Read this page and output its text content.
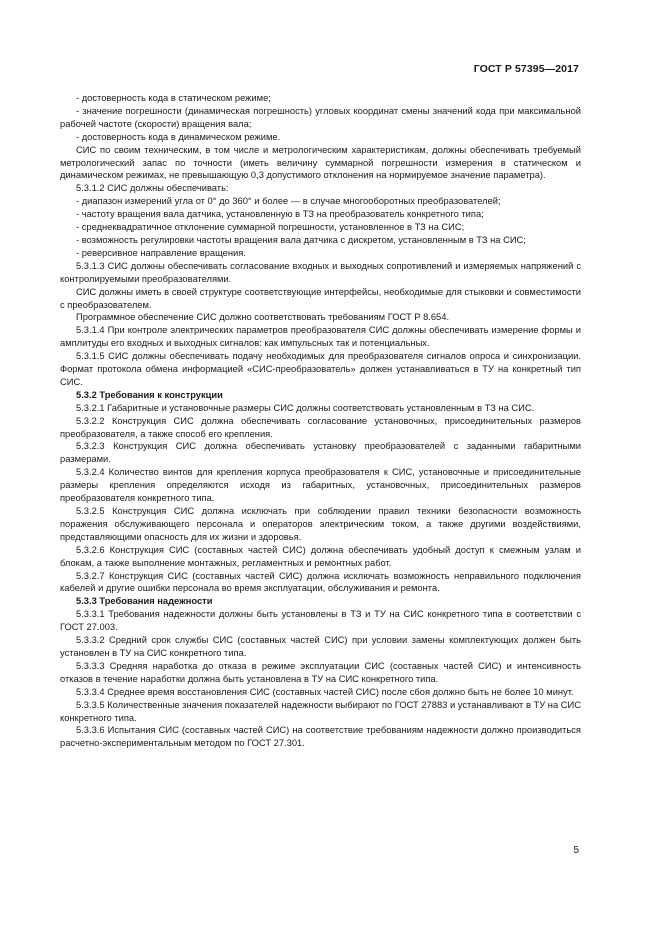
ГОСТ Р 57395—2017

- достоверность кода в статическом режиме;

- значение погрешности (динамическая погрешность) угловых координат смены значений кода при максимальной рабочей частоте (скорости) вращения вала;

- достоверность кода в динамическом режиме.

СИС по своим техническим, в том числе и метрологическим характеристикам, должны обеспечивать требуемый метрологический запас по точности (иметь величину суммарной погрешности измерения в статическом и динамическом режимах, не превышающую 0,3 допустимого отклонения на нормируемое значение параметра).

5.3.1.2 СИС должны обеспечивать:

- диапазон измерений угла от 0° до 360° и более — в случае многооборотных преобразователей;

- частоту вращения вала датчика, установленную в ТЗ на преобразователь конкретного типа;

- среднеквадратичное отклонение суммарной погрешности, установленное в ТЗ на СИС;

- возможность регулировки частоты вращения вала датчика с дискретом, установленным в ТЗ на СИС;

- реверсивное направление вращения.

5.3.1.3 СИС должны обеспечивать согласование входных и выходных сопротивлений и измеряемых напряжений с контролируемыми преобразователями.

СИС должны иметь в своей структуре соответствующие интерфейсы, необходимые для стыковки и совместимости с преобразователем.

Программное обеспечение СИС должно соответствовать требованиям ГОСТ Р 8.654.

5.3.1.4 При контроле электрических параметров преобразователя СИС должны обеспечивать измерение формы и амплитуды его входных и выходных сигналов: как импульсных так и потенциальных.

5.3.1.5 СИС должны обеспечивать подачу необходимых для преобразователя сигналов опроса и синхронизации. Формат протокола обмена информацией «СИС-преобразователь» должен устанавливаться в ТУ на конкретный тип СИС.

5.3.2 Требования к конструкции

5.3.2.1 Габаритные и установочные размеры СИС должны соответствовать установленным в ТЗ на СИС.

5.3.2.2 Конструкция СИС должна обеспечивать согласование установочных, присоединительных размеров преобразователя, а также способ его крепления.

5.3.2.3 Конструкция СИС должна обеспечивать установку преобразователей с заданными габаритными размерами.

5.3.2.4 Количество винтов для крепления корпуса преобразователя к СИС, установочные и присоединительные размеры крепления определяются исходя из габаритных, установочных, присоединительных размеров преобразователя конкретного типа.

5.3.2.5 Конструкция СИС должна исключать при соблюдении правил техники безопасности возможность поражения обслуживающего персонала и операторов электрическим током, а также другими воздействиями, представляющими опасность для их жизни и здоровья.

5.3.2.6 Конструкция СИС (составных частей СИС) должна обеспечивать удобный доступ к смежным узлам и блокам, а также выполнение монтажных, регламентных и ремонтных работ.

5.3.2.7 Конструкция СИС (составных частей СИС) должна исключать возможность неправильного подключения кабелей и другие ошибки персонала во время эксплуатации, обслуживания и ремонта.

5.3.3 Требования надежности

5.3.3.1 Требования надежности должны быть установлены в ТЗ и ТУ на СИС конкретного типа в соответствии с ГОСТ 27.003.

5.3.3.2 Средний срок службы СИС (составных частей СИС) при условии замены комплектующих должен быть установлен в ТУ на СИС конкретного типа.

5.3.3.3 Средняя наработка до отказа в режиме эксплуатации СИС (составных частей СИС) и интенсивность отказов в течение наработки должна быть установлена в ТУ на СИС конкретного типа.

5.3.3.4 Среднее время восстановления СИС (составных частей СИС) после сбоя должно быть не более 10 минут.

5.3.3.5 Количественные значения показателей надежности выбирают по ГОСТ 27883 и устанавливают в ТУ на СИС конкретного типа.

5.3.3.6 Испытания СИС (составных частей СИС) на соответствие требованиям надежности должно производиться расчетно-экспериментальным методом по ГОСТ 27.301.

5
